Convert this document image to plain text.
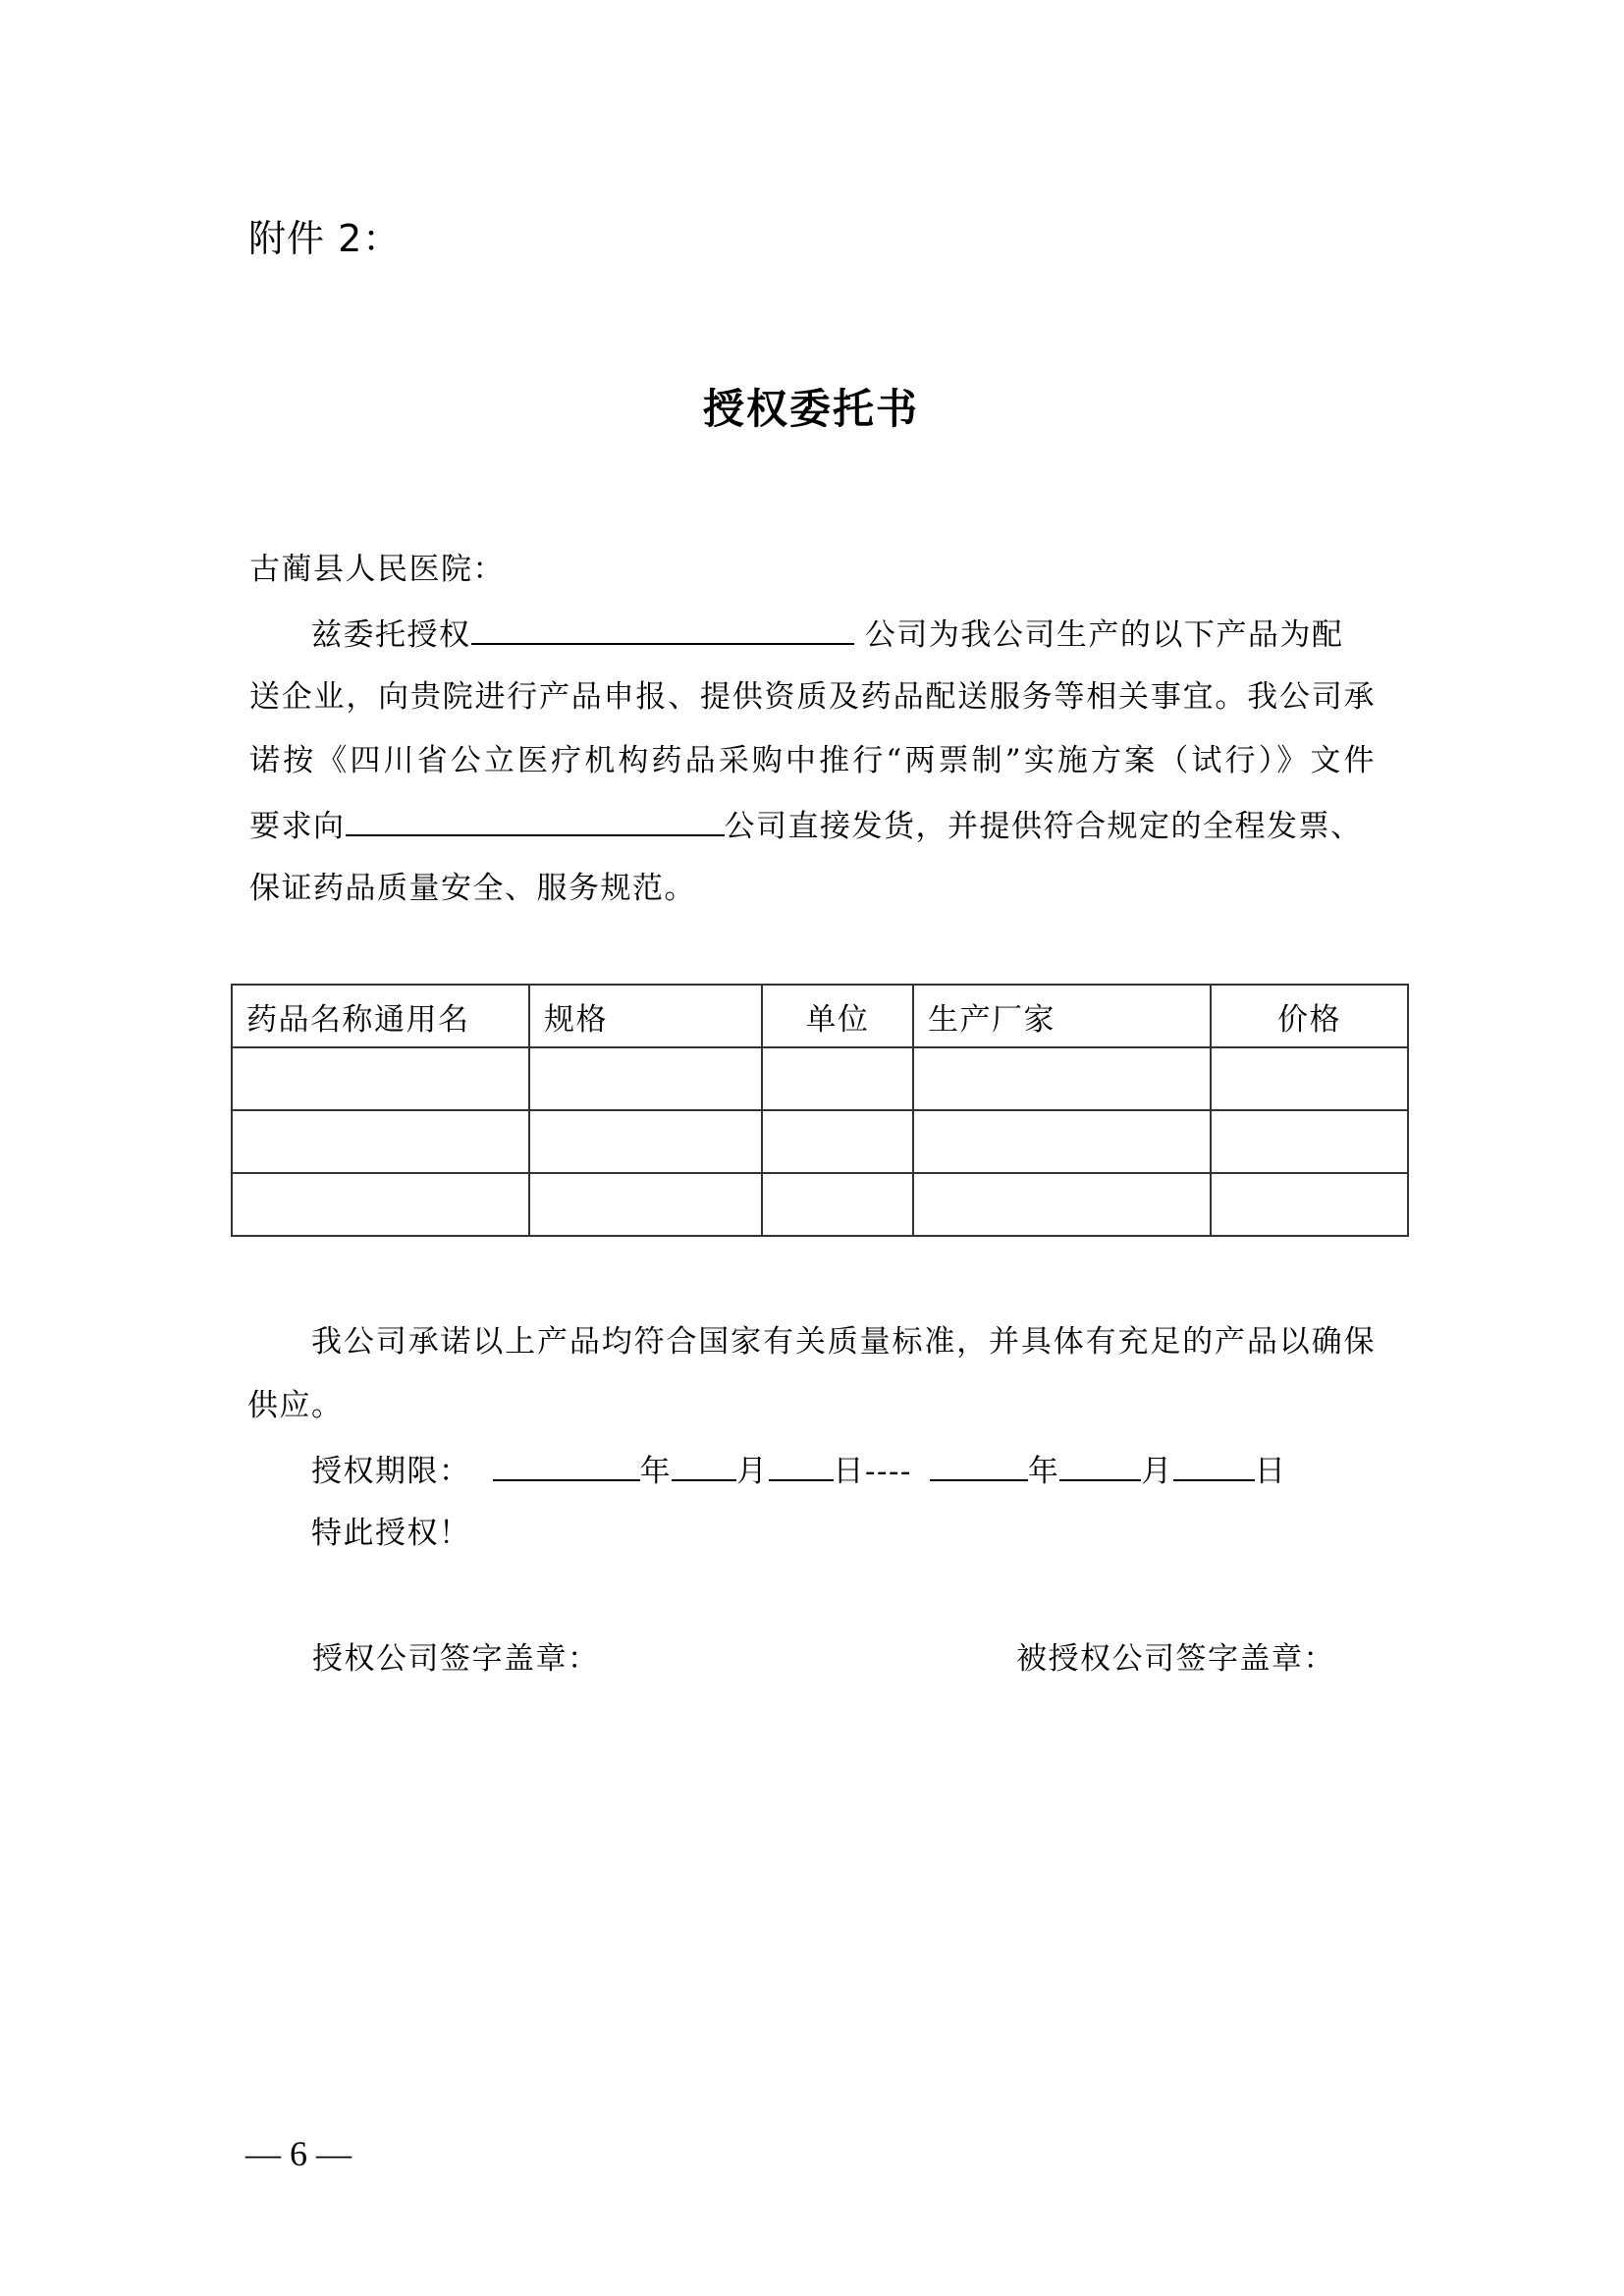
附件 2：
授权委托书
古蔺县人民医院：
兹委托授权	公司为我公司生产的以下产品为配
送企业，向贵院进行产品申报、提供资质及药品配送服务等相关事宜。我公司承
诺按《四川省公立医疗机构药品采购中推行“两票制”实施方案（试行）》文件
要求向	公司直接发货，并提供符合规定的全程发票、
保证药品质量安全、服务规范。
药品名称通用名	规格	单位	生产厂家	价格

我公司承诺以上产品均符合国家有关质量标准，并具体有充足的产品以确保
供应。
授权期限：	年 月 日----	年	月	日
特此授权！
授权公司签字盖章：	被授权公司签字盖章：
— 6 —
